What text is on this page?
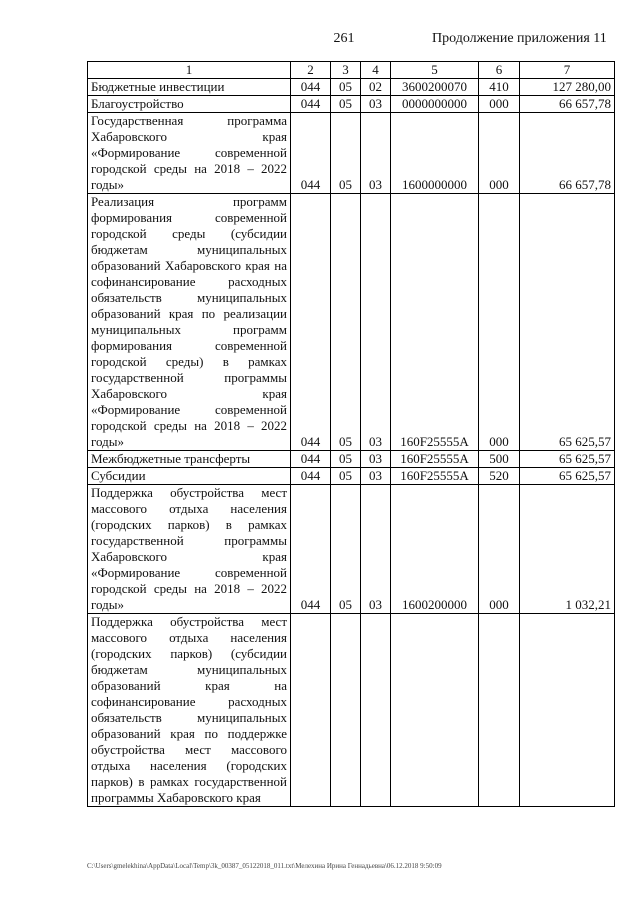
261	Продолжение приложения 11
1	2	3	4	5	6	7
Бюджетные инвестиции	044	05	02	3600200070	410	127 280,00
Благоустройство	044	05	03	0000000000	000	66 657,78
Государственная программа Хабаровского края «Формирование современной городской среды на 2018 – 2022 годы»	044	05	03	1600000000	000	66 657,78
Реализация программ формирования современной городской среды (субсидии бюджетам муниципальных образований Хабаровского края на софинансирование расходных обязательств муниципальных образований края по реализации муниципальных программ формирования современной городской среды) в рамках государственной программы Хабаровского края «Формирование современной городской среды на 2018 – 2022 годы»	044	05	03	160F25555A	000	65 625,57
Межбюджетные трансферты	044	05	03	160F25555A	500	65 625,57
Субсидии	044	05	03	160F25555A	520	65 625,57
Поддержка обустройства мест массового отдыха населения (городских парков) в рамках государственной программы Хабаровского края «Формирование современной городской среды на 2018 – 2022 годы»	044	05	03	1600200000	000	1 032,21
Поддержка обустройства мест массового отдыха населения (городских парков) (субсидии бюджетам муниципальных образований края на софинансирование расходных обязательств муниципальных образований края по поддержке обустройства мест массового отдыха населения (городских парков) в рамках государственной программы Хабаровского края						
C:\Users\gmelekhina\AppData\Local\Temp\3k_00387_05122018_011.txt\Мелехина Ирина Геннадьевна\06.12.2018 9:50:09
